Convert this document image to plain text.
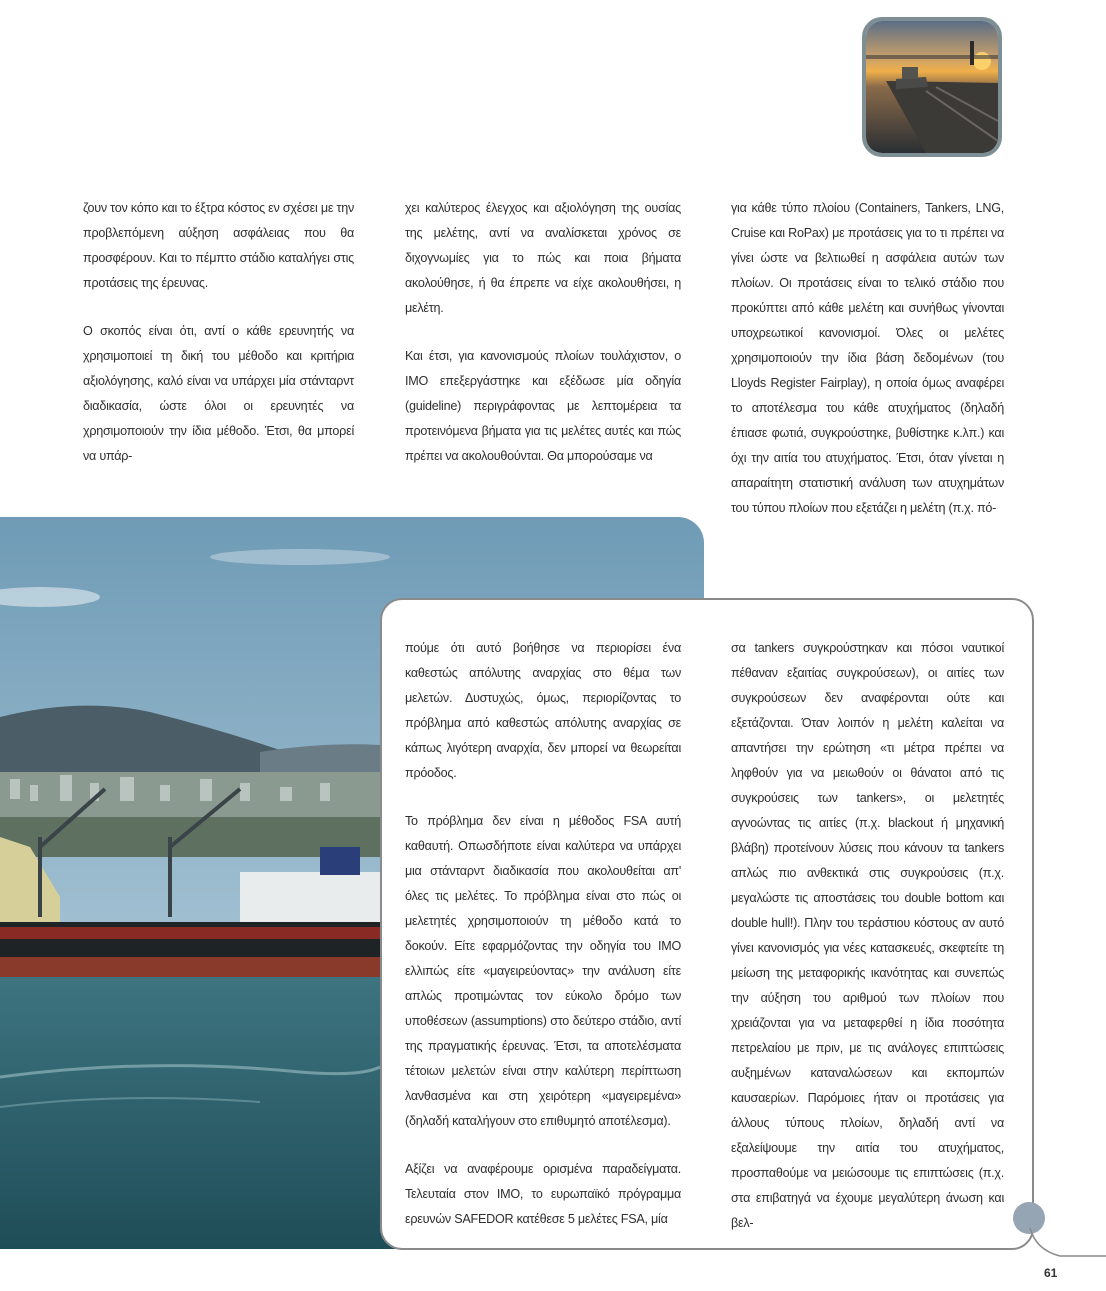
ζουν τον κόπο και το έξτρα κόστος εν σχέσει με την προβλεπόμενη αύξηση ασφάλειας που θα προσφέρουν. Και το πέμπτο στάδιο καταλήγει στις προτάσεις της έρευνας.

Ο σκοπός είναι ότι, αντί ο κάθε ερευνητής να χρησιμοποιεί τη δική του μέθοδο και κριτήρια αξιολόγησης, καλό είναι να υπάρχει μία στάνταρντ διαδικασία, ώστε όλοι οι ερευνητές να χρησιμοποιούν την ίδια μέθοδο. Έτσι, θα μπορεί να υπάρ-

χει καλύτερος έλεγχος και αξιολόγηση της ουσίας της μελέτης, αντί να αναλίσκεται χρόνος σε διχογνωμίες για το πώς και ποια βήματα ακολούθησε, ή θα έπρεπε να είχε ακολουθήσει, η μελέτη.

Και έτσι, για κανονισμούς πλοίων τουλάχιστον, ο IMO επεξεργάστηκε και εξέδωσε μία οδηγία (guideline) περιγράφοντας με λεπτομέρεια τα προτεινόμενα βήματα για τις μελέτες αυτές και πώς πρέπει να ακολουθούνται. Θα μπορούσαμε να

για κάθε τύπο πλοίου (Containers, Tankers, LNG, Cruise και RoPax) με προτάσεις για το τι πρέπει να γίνει ώστε να βελτιωθεί η ασφάλεια αυτών των πλοίων. Οι προτάσεις είναι το τελικό στάδιο που προκύπτει από κάθε μελέτη και συνήθως γίνονται υποχρεωτικοί κανονισμοί. Όλες οι μελέτες χρησιμοποιούν την ίδια βάση δεδομένων (του Lloyds Register Fairplay), η οποία όμως αναφέρει το αποτέλεσμα του κάθε ατυχήματος (δηλαδή έπιασε φωτιά, συγκρούστηκε, βυθίστηκε κ.λπ.) και όχι την αιτία του ατυχήματος. Έτσι, όταν γίνεται η απαραίτητη στατιστική ανάλυση των ατυχημάτων του τύπου πλοίων που εξετάζει η μελέτη (π.χ. πό-

πούμε ότι αυτό βοήθησε να περιορίσει ένα καθεστώς απόλυτης αναρχίας στο θέμα των μελετών. Δυστυχώς, όμως, περιορίζοντας το πρόβλημα από καθεστώς απόλυτης αναρχίας σε κάπως λιγότερη αναρχία, δεν μπορεί να θεωρείται πρόοδος.

Το πρόβλημα δεν είναι η μέθοδος FSA αυτή καθαυτή. Οπωσδήποτε είναι καλύτερα να υπάρχει μια στάνταρντ διαδικασία που ακολουθείται απ' όλες τις μελέτες. Το πρόβλημα είναι στο πώς οι μελετητές χρησιμοποιούν τη μέθοδο κατά το δοκούν. Είτε εφαρμόζοντας την οδηγία του IMO ελλιπώς είτε «μαγειρεύοντας» την ανάλυση είτε απλώς προτιμώντας τον εύκολο δρόμο των υποθέσεων (assumptions) στο δεύτερο στάδιο, αντί της πραγματικής έρευνας. Έτσι, τα αποτελέσματα τέτοιων μελετών είναι στην καλύτερη περίπτωση λανθασμένα και στη χειρότερη «μαγειρεμένα» (δηλαδή καταλήγουν στο επιθυμητό αποτέλεσμα).

Αξίζει να αναφέρουμε ορισμένα παραδείγματα. Τελευταία στον IMO, το ευρωπαϊκό πρόγραμμα ερευνών SAFEDOR κατέθεσε 5 μελέτες FSA, μία

σα tankers συγκρούστηκαν και πόσοι ναυτικοί πέθαναν εξαιτίας συγκρούσεων), οι αιτίες των συγκρούσεων δεν αναφέρονται ούτε και εξετάζονται. Όταν λοιπόν η μελέτη καλείται να απαντήσει την ερώτηση «τι μέτρα πρέπει να ληφθούν για να μειωθούν οι θάνατοι από τις συγκρούσεις των tankers», οι μελετητές αγνοώντας τις αιτίες (π.χ. blackout ή μηχανική βλάβη) προτείνουν λύσεις που κάνουν τα tankers απλώς πιο ανθεκτικά στις συγκρούσεις (π.χ. μεγαλώστε τις αποστάσεις του double bottom και double hull!). Πλην του τεράστιου κόστους αν αυτό γίνει κανονισμός για νέες κατασκευές, σκεφτείτε τη μείωση της μεταφορικής ικανότητας και συνεπώς την αύξηση του αριθμού των πλοίων που χρειάζονται για να μεταφερθεί η ίδια ποσότητα πετρελαίου με πριν, με τις ανάλογες επιπτώσεις αυξημένων καταναλώσεων και εκπομπών καυσαερίων. Παρόμοιες ήταν οι προτάσεις για άλλους τύπους πλοίων, δηλαδή αντί να εξαλείψουμε την αιτία του ατυχήματος, προσπαθούμε να μειώσουμε τις επιπτώσεις (π.χ. στα επιβατηγά να έχουμε μεγαλύτερη άνωση και βελ-

61
